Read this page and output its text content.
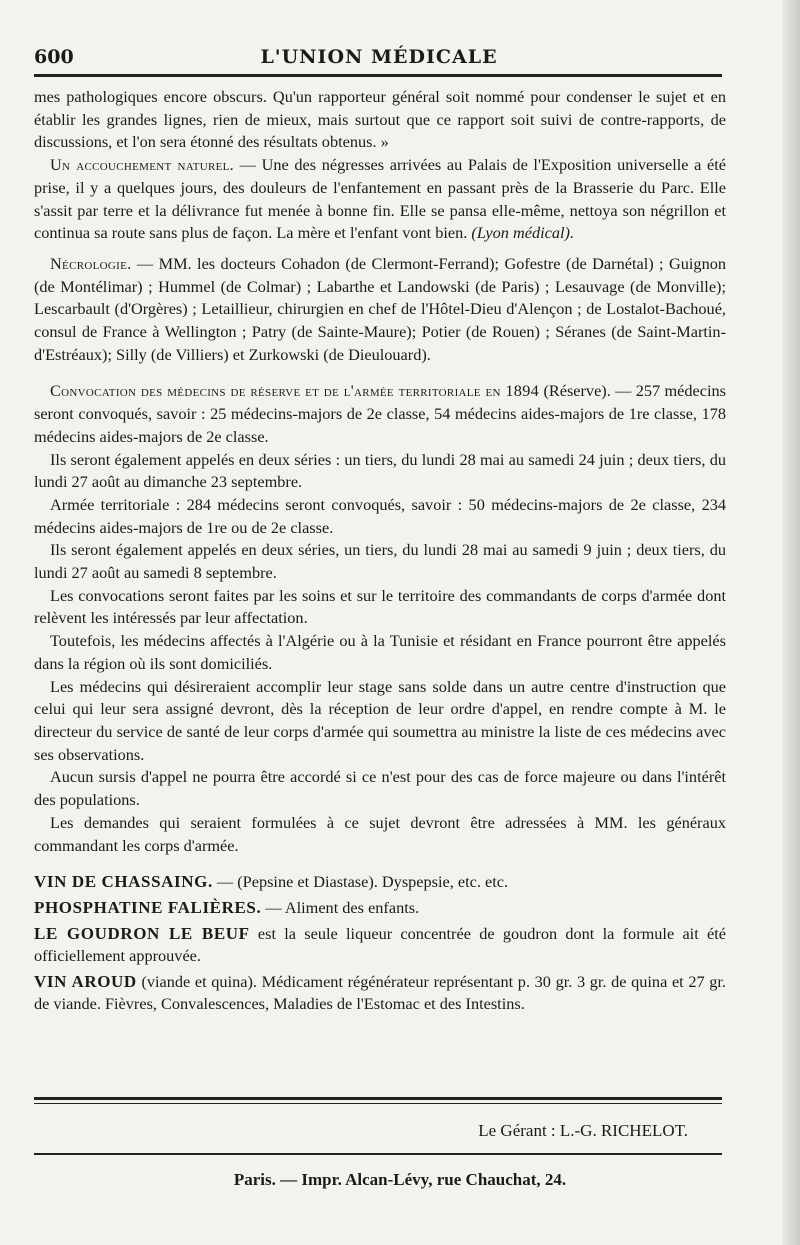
600	L'UNION MÉDICALE

mes pathologiques encore obscurs. Qu'un rapporteur général soit nommé pour condenser le sujet et en établir les grandes lignes, rien de mieux, mais surtout que ce rapport soit suivi de contre-rapports, de discussions, et l'on sera étonné des résultats obtenus. »

Un accouchement naturel. — Une des négresses arrivées au Palais de l'Exposition universelle a été prise, il y a quelques jours, des douleurs de l'enfantement en passant près de la Brasserie du Parc. Elle s'assit par terre et la délivrance fut menée à bonne fin. Elle se pansa elle-même, nettoya son négrillon et continua sa route sans plus de façon. La mère et l'enfant vont bien. (Lyon médical).

Nécrologie. — MM. les docteurs Cohadon (de Clermont-Ferrand); Gofestre (de Darnétal) ; Guignon (de Montélimar) ; Hummel (de Colmar) ; Labarthe et Landowski (de Paris) ; Lesauvage (de Monville); Lescarbault (d'Orgères) ; Letaillieur, chirurgien en chef de l'Hôtel-Dieu d'Alençon ; de Lostalot-Bachoué, consul de France à Wellington ; Patry (de Sainte-Maure); Potier (de Rouen) ; Séranes (de Saint-Martin-d'Estréaux); Silly (de Villiers) et Zurkowski (de Dieulouard).

Convocation des médecins de réserve et de l'armée territoriale en 1894 (Réserve). — 257 médecins seront convoqués, savoir : 25 médecins-majors de 2e classe, 54 médecins aides-majors de 1re classe, 178 médecins aides-majors de 2e classe.

Ils seront également appelés en deux séries : un tiers, du lundi 28 mai au samedi 24 juin ; deux tiers, du lundi 27 août au dimanche 23 septembre.

Armée territoriale : 284 médecins seront convoqués, savoir : 50 médecins-majors de 2e classe, 234 médecins aides-majors de 1re ou de 2e classe.

Ils seront également appelés en deux séries, un tiers, du lundi 28 mai au samedi 9 juin ; deux tiers, du lundi 27 août au samedi 8 septembre.

Les convocations seront faites par les soins et sur le territoire des commandants de corps d'armée dont relèvent les intéressés par leur affectation.

Toutefois, les médecins affectés à l'Algérie ou à la Tunisie et résidant en France pourront être appelés dans la région où ils sont domiciliés.

Les médecins qui désireraient accomplir leur stage sans solde dans un autre centre d'instruction que celui qui leur sera assigné devront, dès la réception de leur ordre d'appel, en rendre compte à M. le directeur du service de santé de leur corps d'armée qui soumettra au ministre la liste de ces médecins avec ses observations.

Aucun sursis d'appel ne pourra être accordé si ce n'est pour des cas de force majeure ou dans l'intérêt des populations.

Les demandes qui seraient formulées à ce sujet devront être adressées à MM. les généraux commandant les corps d'armée.

VIN DE CHASSAING. — (Pepsine et Diastase). Dyspepsie, etc. etc.

PHOSPHATINE FALIÈRES. — Aliment des enfants.

LE GOUDRON LE BEUF est la seule liqueur concentrée de goudron dont la formule ait été officiellement approuvée.

VIN AROUD (viande et quina). Médicament régénérateur représentant p. 30 gr. 3 gr. de quina et 27 gr. de viande. Fièvres, Convalescences, Maladies de l'Estomac et des Intestins.

Le Gérant : L.-G. RICHELOT.
Paris. — Impr. Alcan-Lévy, rue Chauchat, 24.
